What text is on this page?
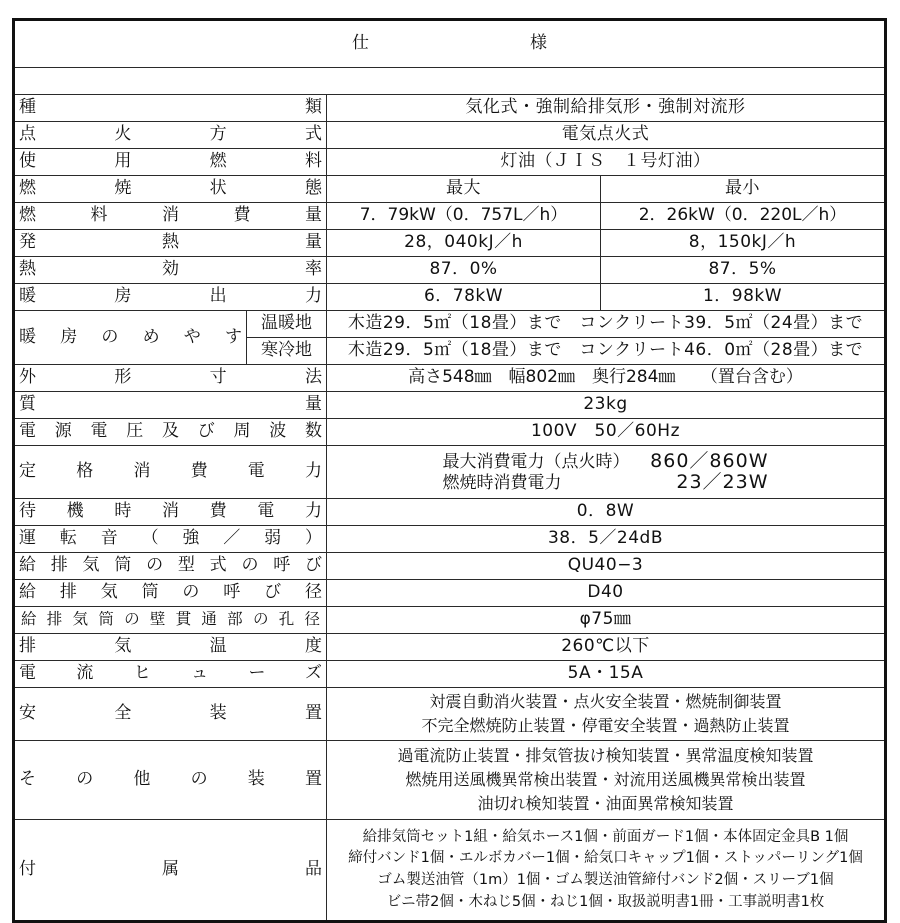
仕　様			

種類		気化式・強制給排気形・強制対流形	
点火方式		電気点火式	
使用燃料		灯油（ＪＩＳ　１号灯油）	
燃焼状態		最大	最小
燃料消費量		7．79kW（0．757L／h）	2．26kW（0．220L／h）
発熱量		28，040kJ／h	8，150kJ／h
熱効率		87．0%	87．5%
暖房出力		6．78kW	1．98kW
暖房のめやす	温暖地	木造29．5㎡（18畳）まで　コンクリート39．5㎡（24畳）まで	
	寒冷地	木造29．5㎡（18畳）まで　コンクリート46．0㎡（28畳）まで	
外形寸法		高さ548㎜　幅802㎜　奥行284㎜　　（置台含む）	
質量		23kg	
電源電圧及び周波数		100V　50／60Hz	
定格消費電力		最大消費電力（点火時） 860／860W
燃焼時消費電力 23／23W	

待機時消費電力		0．8W	
運転音（強／弱）		38．5／24dB	
給排気筒の型式の呼び		QU40−3	
給排気筒の呼び径		D40	
給排気筒の壁貫通部の孔径		φ75㎜	
排気温度		260℃以下	
電流ヒューズ		5A・15A	
安全装置		対震自動消火装置・点火安全装置・燃焼制御装置
不完全燃焼防止装置・停電安全装置・過熱防止装置	

その他の装置		過電流防止装置・排気管抜け検知装置・異常温度検知装置
燃焼用送風機異常検出装置・対流用送風機異常検出装置
油切れ検知装置・油面異常検知装置	

付属品		給排気筒セット1組・給気ホース1個・前面ガード1個・本体固定金具B 1個
締付バンド1個・エルボカバー1個・給気口キャップ1個・ストッパーリング1個
ゴム製送油管（1m）1個・ゴム製送油管締付バンド2個・スリーブ1個
ビニ帯2個・木ねじ5個・ねじ1個・取扱説明書1冊・工事説明書1枚	
